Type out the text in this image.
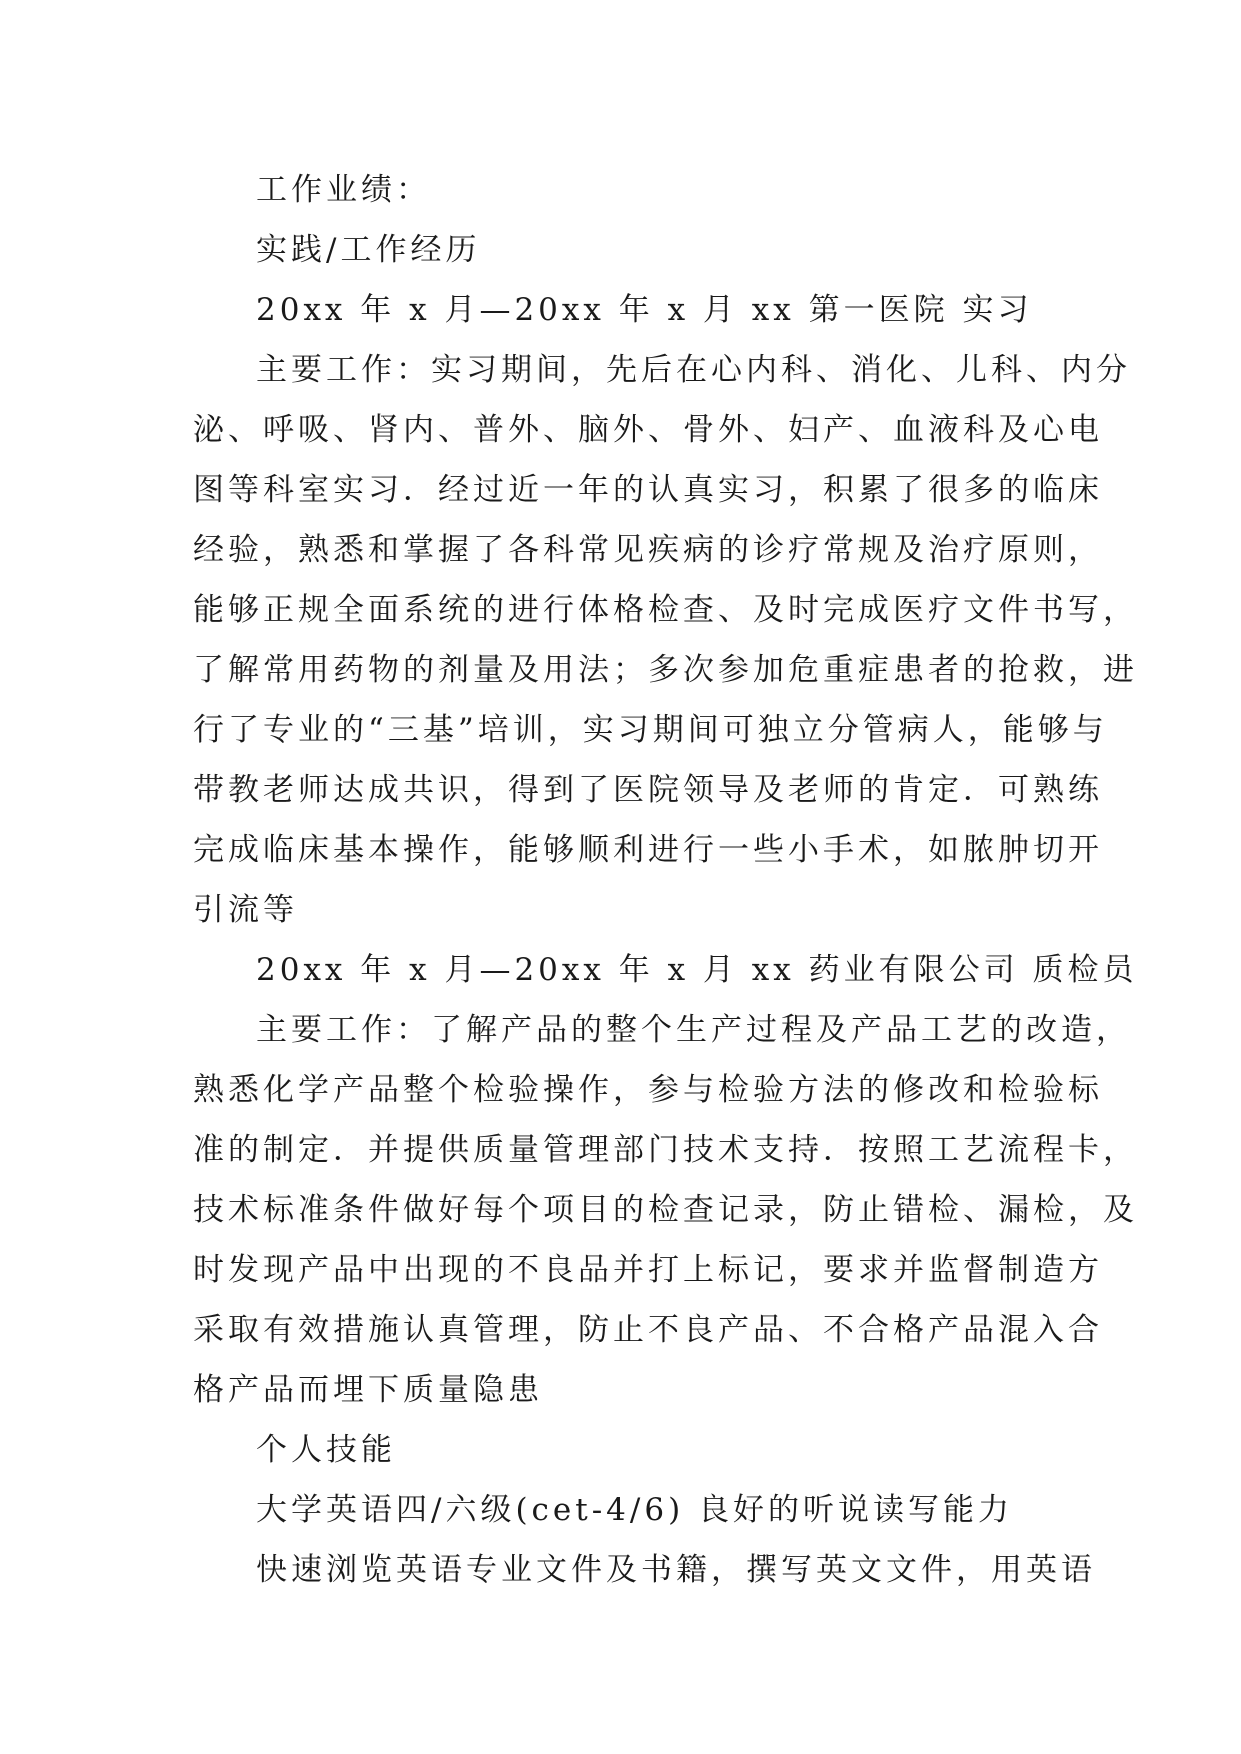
工作业绩：
实践/工作经历
20xx 年 x 月—20xx 年 x 月 xx 第一医院 实习
主要工作：实习期间，先后在心内科、消化、儿科、内分
泌、呼吸、肾内、普外、脑外、骨外、妇产、血液科及心电
图等科室实习．经过近一年的认真实习，积累了很多的临床
经验，熟悉和掌握了各科常见疾病的诊疗常规及治疗原则，
能够正规全面系统的进行体格检查、及时完成医疗文件书写，
了解常用药物的剂量及用法；多次参加危重症患者的抢救，进
行了专业的“三基”培训，实习期间可独立分管病人，能够与
带教老师达成共识，得到了医院领导及老师的肯定．可熟练
完成临床基本操作，能够顺利进行一些小手术，如脓肿切开
引流等
20xx 年 x 月—20xx 年 x 月 xx 药业有限公司 质检员
主要工作：了解产品的整个生产过程及产品工艺的改造，
熟悉化学产品整个检验操作，参与检验方法的修改和检验标
准的制定．并提供质量管理部门技术支持．按照工艺流程卡，
技术标准条件做好每个项目的检查记录，防止错检、漏检，及
时发现产品中出现的不良品并打上标记，要求并监督制造方
采取有效措施认真管理，防止不良产品、不合格产品混入合
格产品而埋下质量隐患
个人技能
大学英语四/六级(cet-4/6) 良好的听说读写能力
快速浏览英语专业文件及书籍，撰写英文文件，用英语
